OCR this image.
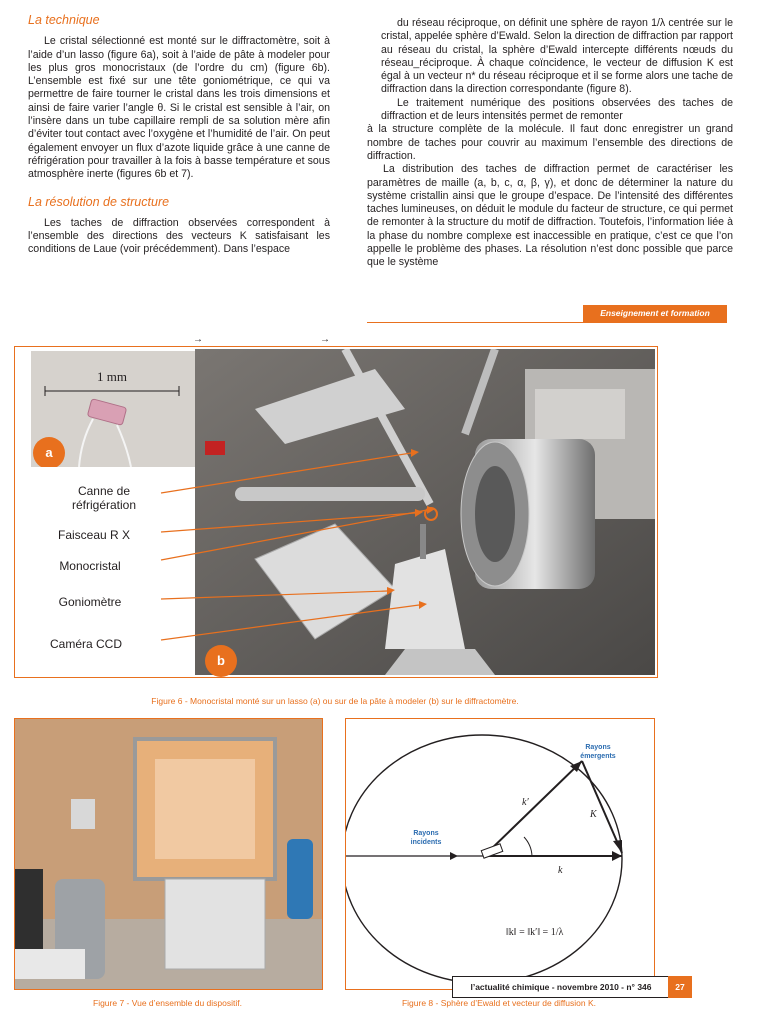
La technique

Le cristal sélectionné est monté sur le diffractomètre, soit à l’aide d’un lasso (figure 6a), soit à l’aide de pâte à modeler pour les plus gros monocristaux (de l’ordre du cm) (figure 6b). L’ensemble est fixé sur une tête goniométrique, ce qui va permettre de faire tourner le cristal dans les trois dimensions et ainsi de faire varier l’angle θ. Si le cristal est sensible à l’air, on l’insère dans un tube capillaire rempli de sa solution mère afin d’éviter tout contact avec l’oxygène et l’humidité de l’air. On peut également envoyer un flux d’azote liquide grâce à une canne de réfrigération pour travailler à la fois à basse température et sous atmosphère inerte (figures 6b et 7).

La résolution de structure

Les taches de diffraction observées correspondent à l’ensemble des directions des vecteurs K satisfaisant les conditions de Laue (voir précédemment). Dans l’espace

du réseau réciproque, on définit une sphère de rayon 1/λ centrée sur le cristal, appelée sphère d’Ewald. Selon la direction de diffraction par rapport au réseau du cristal, la sphère d’Ewald intercepte différents nœuds du réseau_réciproque. À chaque coïncidence, le vecteur de diffusion K est égal à un vecteur n* du réseau réciproque et il se forme alors une tache de diffraction dans la direction correspondante (figure 8).

Le traitement numérique des positions observées des taches de diffraction et de leurs intensités permet de remonter

à la structure complète de la molécule. Il faut donc enregistrer un grand nombre de taches pour couvrir au maximum l’ensemble des directions de diffraction.

La distribution des taches de diffraction permet de caractériser les paramètres de maille (a, b, c, α, β, γ), et donc de déterminer la nature du système cristallin ainsi que le groupe d’espace. De l’intensité des différentes taches lumineuses, on déduit le module du facteur de structure, ce qui permet de remonter à la structure du motif de diffraction. Toutefois, l’information liée à la phase du nombre complexe est inaccessible en pratique, c’est ce que l’on appelle le problème des phases. La résolution n’est donc possible que parce que le système

Enseignement et formation
→	→
1 mm
a
Canne de réfrigération
Faisceau R X
Monocristal
Goniomètre
Caméra CCD
b
Figure 6 - Monocristal monté sur un lasso (a) ou sur de la pâte à modeler (b) sur le diffractomètre.
Figure 7 - Vue d’ensemble du dispositif.
Rayons émergents
Rayons incidents
k′
K
k
‖k‖ = ‖k′‖ = 1/λ
Figure 8 - Sphère d’Ewald et vecteur de diffusion K.
l’actualité chimique - novembre 2010 - n° 346	27
